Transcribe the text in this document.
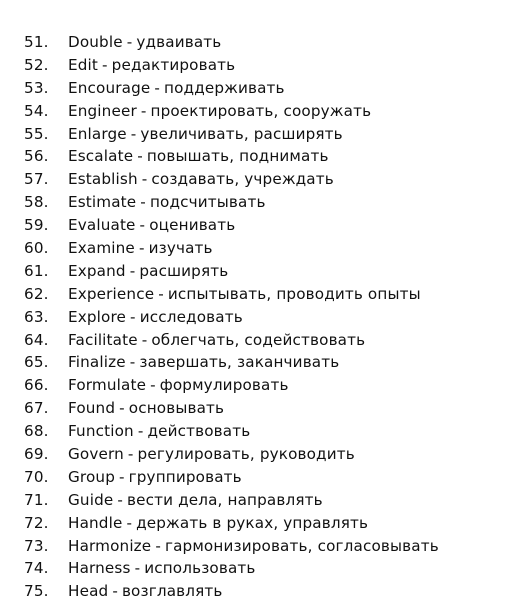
51. Double - удваивать
52. Edit - редактировать
53. Encourage - поддерживать
54. Engineer - проектировать, сооружать
55. Enlarge - увеличивать, расширять
56. Escalate - повышать, поднимать
57. Establish - создавать, учреждать
58. Estimate - подсчитывать
59. Evaluate - оценивать
60. Examine - изучать
61. Expand - расширять
62. Experience - испытывать, проводить опыты
63. Explore - исследовать
64. Facilitate - облегчать, содействовать
65. Finalize - завершать, заканчивать
66. Formulate - формулировать
67. Found - основывать
68. Function - действовать
69. Govern - регулировать, руководить
70. Group - группировать
71. Guide - вести дела, направлять
72. Handle - держать в руках, управлять
73. Harmonize - гармонизировать, согласовывать
74. Harness - использовать
75. Head - возглавлять
